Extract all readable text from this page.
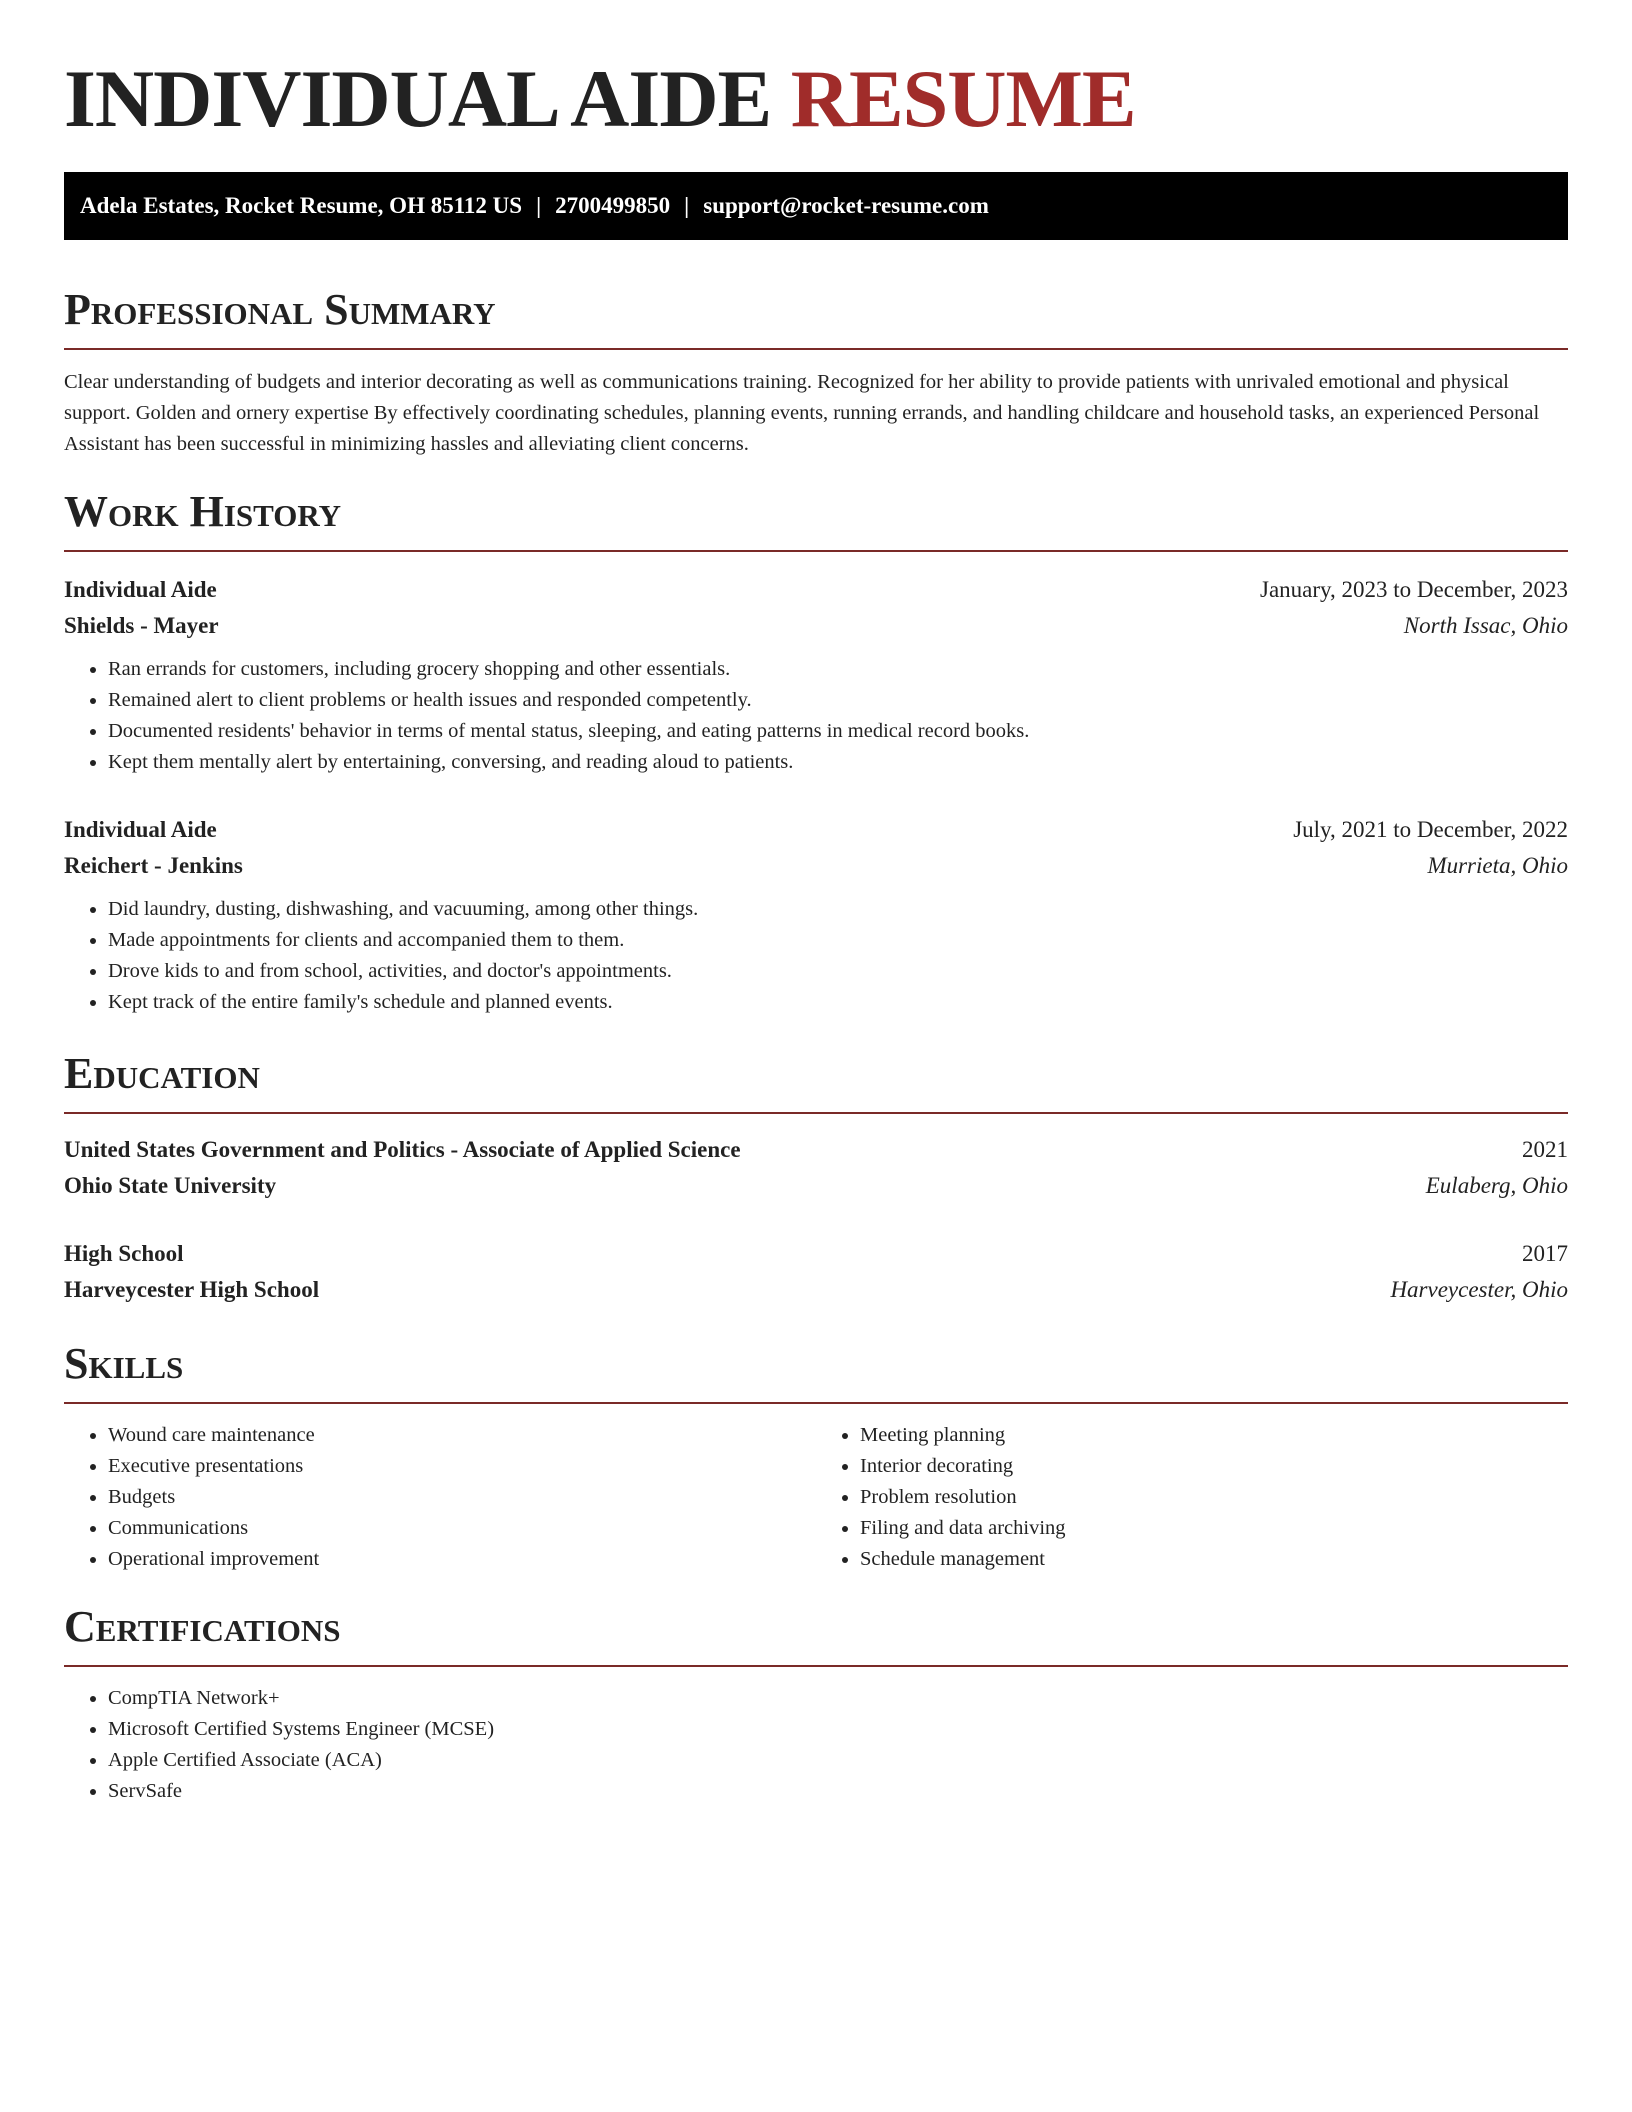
INDIVIDUAL AIDE RESUME
Adela Estates, Rocket Resume, OH 85112 US | 2700499850 | support@rocket-resume.com
Professional Summary

Clear understanding of budgets and interior decorating as well as communications training. Recognized for her ability to provide patients with unrivaled emotional and physical support. Golden and ornery expertise By effectively coordinating schedules, planning events, running errands, and handling childcare and household tasks, an experienced Personal Assistant has been successful in minimizing hassles and alleviating client concerns.

Work History
Individual Aide	January, 2023 to December, 2023
Shields - Mayer	North Issac, Ohio
• Ran errands for customers, including grocery shopping and other essentials.
• Remained alert to client problems or health issues and responded competently.
• Documented residents' behavior in terms of mental status, sleeping, and eating patterns in medical record books.
• Kept them mentally alert by entertaining, conversing, and reading aloud to patients.
Individual Aide	July, 2021 to December, 2022
Reichert - Jenkins	Murrieta, Ohio
• Did laundry, dusting, dishwashing, and vacuuming, among other things.
• Made appointments for clients and accompanied them to them.
• Drove kids to and from school, activities, and doctor's appointments.
• Kept track of the entire family's schedule and planned events.
Education
United States Government and Politics - Associate of Applied Science	2021
Ohio State University	Eulaberg, Ohio
High School	2017
Harveycester High School	Harveycester, Ohio
Skills
• Wound care maintenance
• Executive presentations
• Budgets
• Communications
• Operational improvement
• Meeting planning
• Interior decorating
• Problem resolution
• Filing and data archiving
• Schedule management
Certifications
• CompTIA Network+
• Microsoft Certified Systems Engineer (MCSE)
• Apple Certified Associate (ACA)
• ServSafe
